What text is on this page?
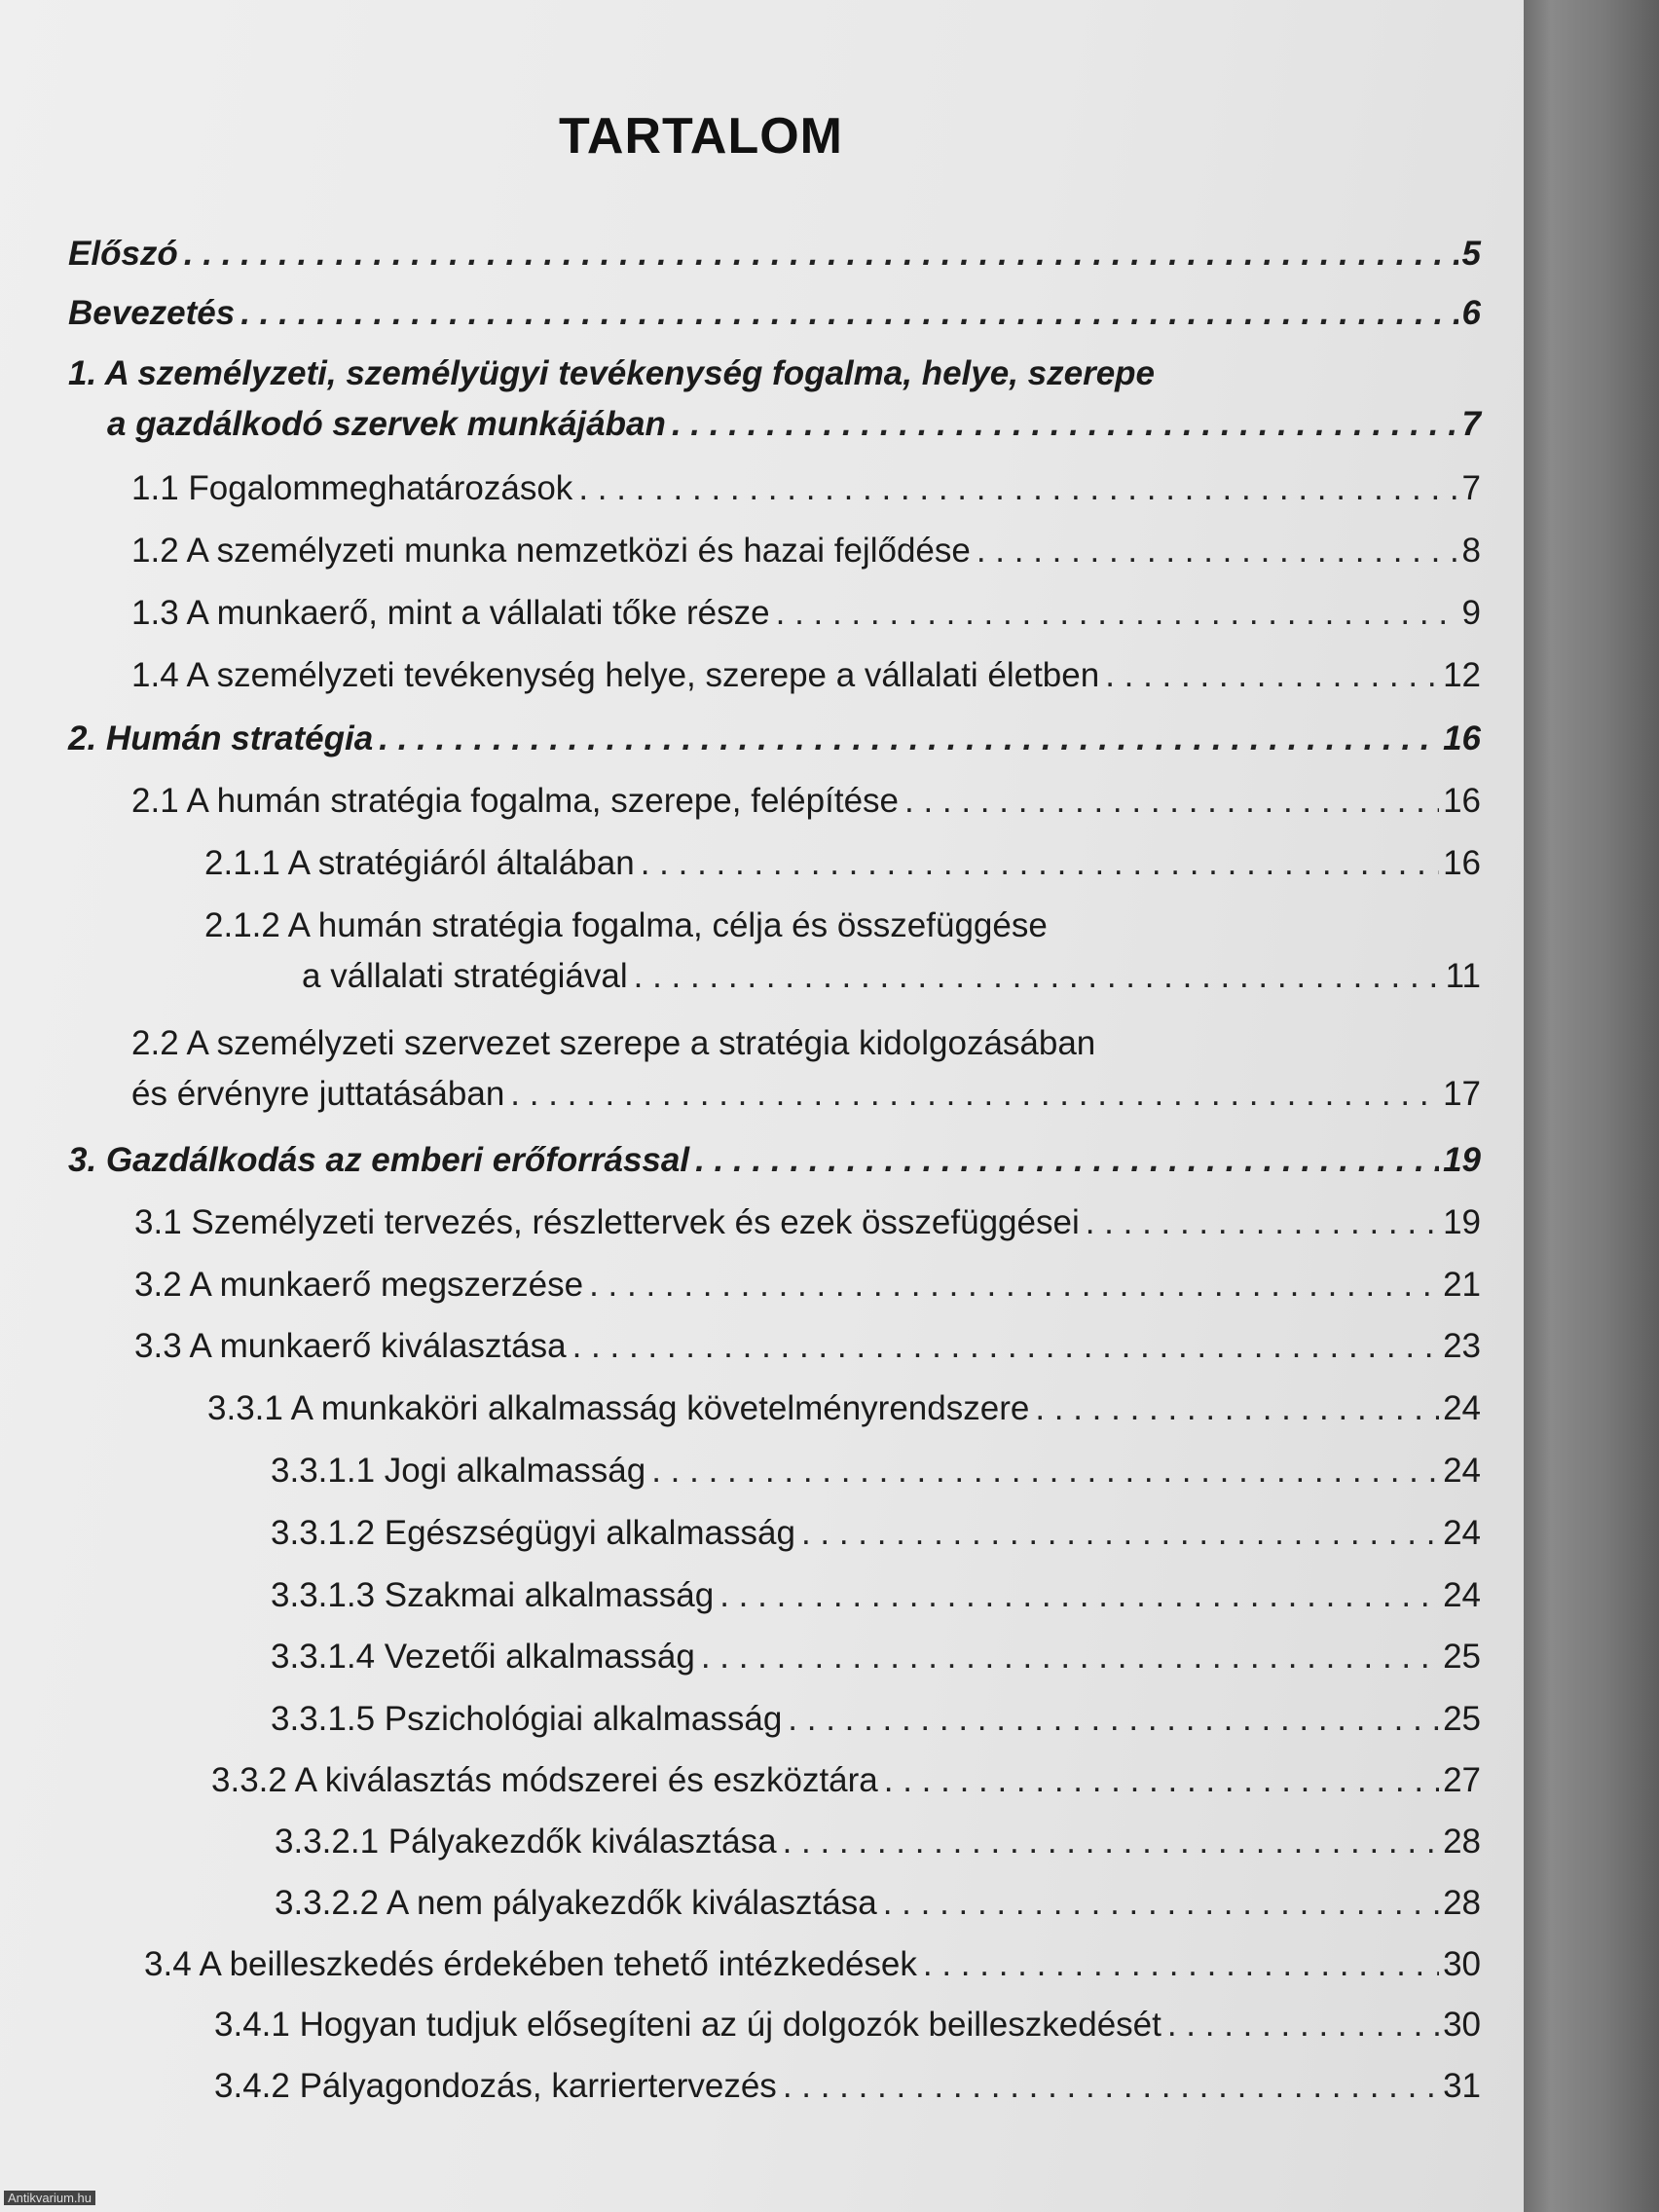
TARTALOM
Előszó . . .	5
Bevezetés . . .	6
1. A személyzeti, személyügyi tevékenység fogalma, helye, szerepe
a gazdálkodó szervek munkájában . . .	7
1.1 Fogalommeghatározások . . .	7
1.2 A személyzeti munka nemzetközi és hazai fejlődése . . .	8
1.3 A munkaerő, mint a vállalati tőke része . . .	9
1.4 A személyzeti tevékenység helye, szerepe a vállalati életben . . .	12
2. Humán stratégia . . .	16
2.1 A humán stratégia fogalma, szerepe, felépítése . . .	16
2.1.1 A stratégiáról általában . . .	16
2.1.2 A humán stratégia fogalma, célja és összefüggése
a vállalati stratégiával . . .	11
2.2 A személyzeti szervezet szerepe a stratégia kidolgozásában
és érvényre juttatásában . . .	17
3. Gazdálkodás az emberi erőforrással . . .	19
3.1 Személyzeti tervezés, részlettervek és ezek összefüggései . . .	19
3.2 A munkaerő megszerzése . . .	21
3.3 A munkaerő kiválasztása . . .	23
3.3.1 A munkaköri alkalmasság követelményrendszere . . .	24
3.3.1.1 Jogi alkalmasság . . .	24
3.3.1.2 Egészségügyi alkalmasság . . .	24
3.3.1.3 Szakmai alkalmasság . . .	24
3.3.1.4 Vezetői alkalmasság . . .	25
3.3.1.5 Pszichológiai alkalmasság . . .	25
3.3.2 A kiválasztás módszerei és eszköztára . . .	27
3.3.2.1 Pályakezdők kiválasztása . . .	28
3.3.2.2 A nem pályakezdők kiválasztása . . .	28
3.4 A beilleszkedés érdekében tehető intézkedések . . .	30
3.4.1 Hogyan tudjuk elősegíteni az új dolgozók beilleszkedését . . .	30
3.4.2 Pályagondozás, karriertervezés . . .	31
Antikvarium.hu
